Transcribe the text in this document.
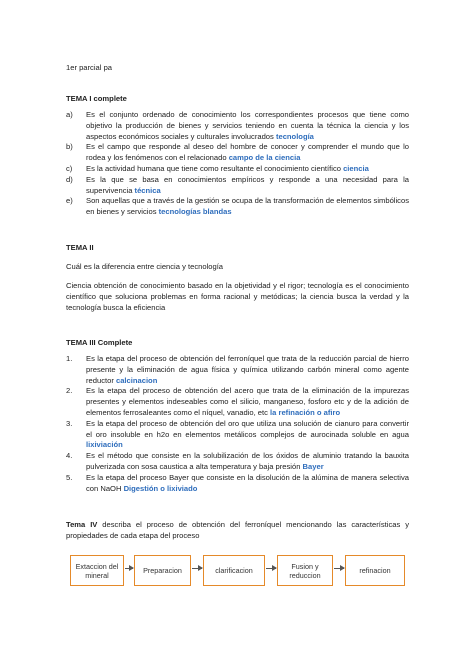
1er parcial pa
TEMA I complete
a) Es el conjunto ordenado de conocimiento los correspondientes procesos que tiene como objetivo la producción de bienes y servicios teniendo en cuenta la técnica la ciencia y los aspectos económicos sociales y culturales involucrados tecnología
b) Es el campo que responde al deseo del hombre de conocer y comprender el mundo que lo rodea y los fenómenos con el relacionado campo de la ciencia
c) Es la actividad humana que tiene como resultante el conocimiento científico ciencia
d) Es la que se basa en conocimientos empíricos y responde a una necesidad para la supervivencia técnica
e) Son aquellas que a través de la gestión se ocupa de la transformación de elementos simbólicos en bienes y servicios tecnologías blandas
TEMA II
Cuál es la diferencia entre ciencia y tecnología
Ciencia obtención de conocimiento basado en la objetividad y el rigor; tecnología es el conocimiento científico que soluciona problemas en forma racional y metódicas; la ciencia busca la verdad y la tecnología busca la eficiencia
TEMA III Complete
1. Es la etapa del proceso de obtención del ferroníquel que trata de la reducción parcial de hierro presente y la eliminación de agua física y química utilizando carbón mineral como agente reductor calcinacion
2. Es la etapa del proceso de obtención del acero que trata de la eliminación de la impurezas presentes y elementos indeseables como el silicio, manganeso, fosforo etc y de la adición de elementos ferrosaleantes como el níquel, vanadio, etc la refinación o afiro
3. Es la etapa del proceso de obtención del oro que utiliza una solución de cianuro para convertir el oro insoluble en h2o en elementos metálicos complejos de aurocinada soluble en agua lixiviación
4. Es el método que consiste en la solubilización de los óxidos de aluminio tratando la bauxita pulverizada con sosa caustica a alta temperatura y baja presión Bayer
5. Es la etapa del proceso Bayer que consiste en la disolución de la alúmina de manera selectiva con NaOH Digestión o lixiviado
Tema IV describa el proceso de obtención del ferroníquel mencionando las características y propiedades de cada etapa del proceso
Extaccion del mineral	Preparacion	clarificacion	Fusion y reduccion	refinacion
